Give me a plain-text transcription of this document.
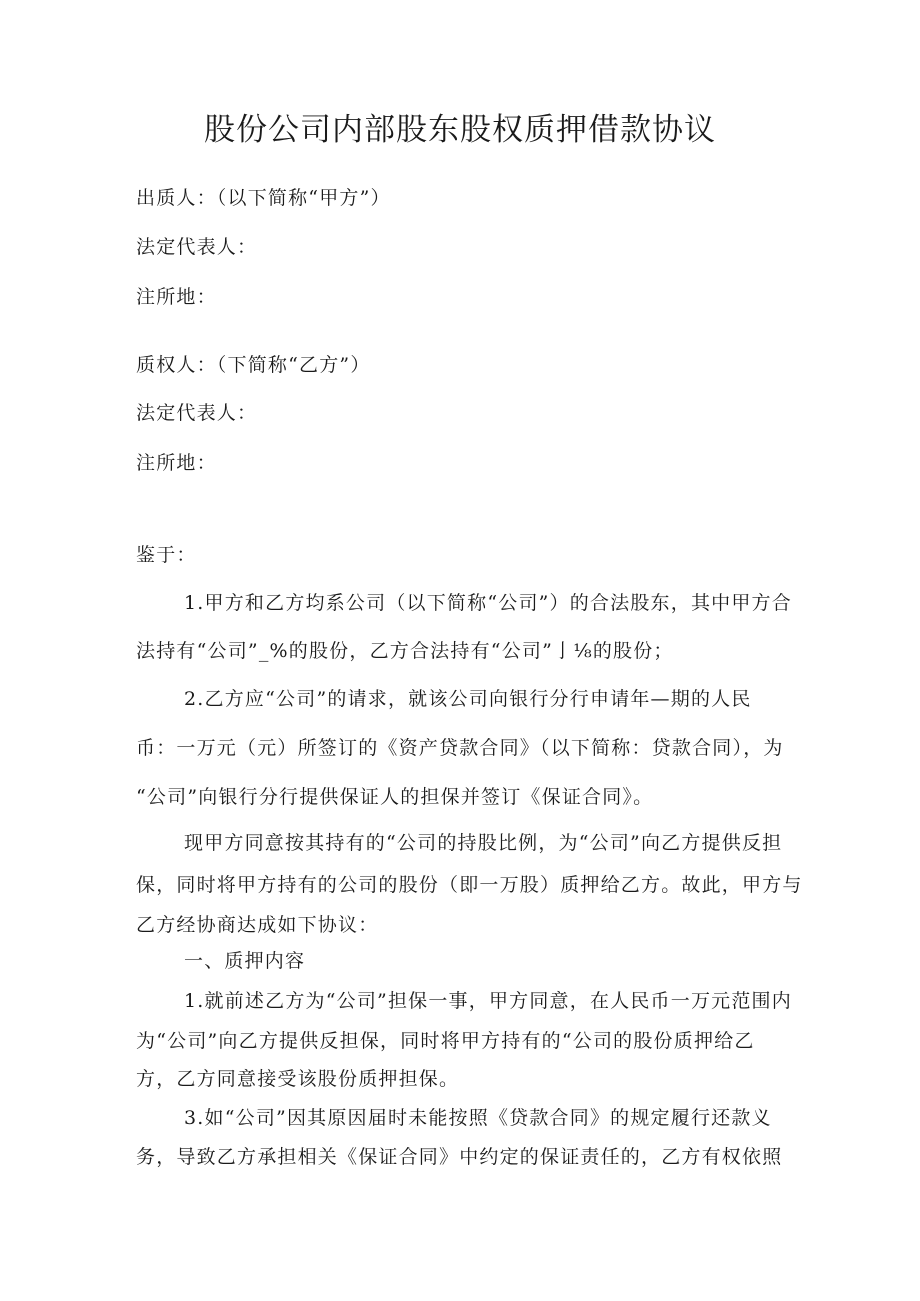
股份公司内部股东股权质押借款协议
出质人：（以下简称“甲方”）
法定代表人：
注所地：
质权人：（下简称“乙方”）
法定代表人：
注所地：
鉴于：
1.甲方和乙方均系公司（以下简称“公司”）的合法股东，其中甲方合
法持有“公司”_%的股份，乙方合法持有“公司”亅⅛的股份；
2.乙方应“公司”的请求，就该公司向银行分行申请年—期的人民
币：一万元（元）所签订的《资产贷款合同》（以下简称：贷款合同），为
“公司”向银行分行提供保证人的担保并签订《保证合同》。
现甲方同意按其持有的“公司的持股比例，为“公司”向乙方提供反担
保，同时将甲方持有的公司的股份（即一万股）质押给乙方。故此，甲方与
乙方经协商达成如下协议：
一、质押内容
1.就前述乙方为“公司”担保一事，甲方同意，在人民币一万元范围内
为“公司”向乙方提供反担保，同时将甲方持有的“公司的股份质押给乙
方，乙方同意接受该股份质押担保。
3.如“公司”因其原因届时未能按照《贷款合同》的规定履行还款义
务，导致乙方承担相关《保证合同》中约定的保证责任的，乙方有权依照
